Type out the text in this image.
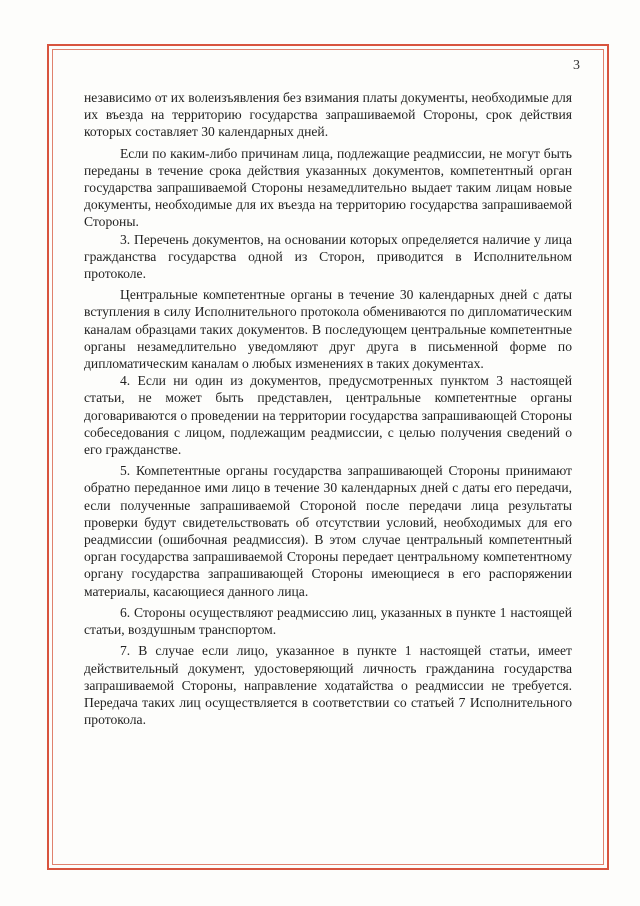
3

независимо от их волеизъявления без взимания платы документы, необходимые для их въезда на территорию государства запрашиваемой Стороны, срок действия которых составляет 30 календарных дней.

Если по каким-либо причинам лица, подлежащие реадмиссии, не могут быть переданы в течение срока действия указанных документов, компетентный орган государства запрашиваемой Стороны незамедлительно выдает таким лицам новые документы, необходимые для их въезда на территорию государства запрашиваемой Стороны.

3. Перечень документов, на основании которых определяется наличие у лица гражданства государства одной из Сторон, приводится в Исполнительном протоколе.

Центральные компетентные органы в течение 30 календарных дней с даты вступления в силу Исполнительного протокола обмениваются по дипломатическим каналам образцами таких документов. В последующем центральные компетентные органы незамедлительно уведомляют друг друга в письменной форме по дипломатическим каналам о любых изменениях в таких документах.

4. Если ни один из документов, предусмотренных пунктом 3 настоящей статьи, не может быть представлен, центральные компетентные органы договариваются о проведении на территории государства запрашивающей Стороны собеседования с лицом, подлежащим реадмиссии, с целью получения сведений о его гражданстве.

5. Компетентные органы государства запрашивающей Стороны принимают обратно переданное ими лицо в течение 30 календарных дней с даты его передачи, если полученные запрашиваемой Стороной после передачи лица результаты проверки будут свидетельствовать об отсутствии условий, необходимых для его реадмиссии (ошибочная реадмиссия). В этом случае центральный компетентный орган государства запрашиваемой Стороны передает центральному компетентному органу государства запрашивающей Стороны имеющиеся в его распоряжении материалы, касающиеся данного лица.

6. Стороны осуществляют реадмиссию лиц, указанных в пункте 1 настоящей статьи, воздушным транспортом.

7. В случае если лицо, указанное в пункте 1 настоящей статьи, имеет действительный документ, удостоверяющий личность гражданина государства запрашиваемой Стороны, направление ходатайства о реадмиссии не требуется. Передача таких лиц осуществляется в соответствии со статьей 7 Исполнительного протокола.
